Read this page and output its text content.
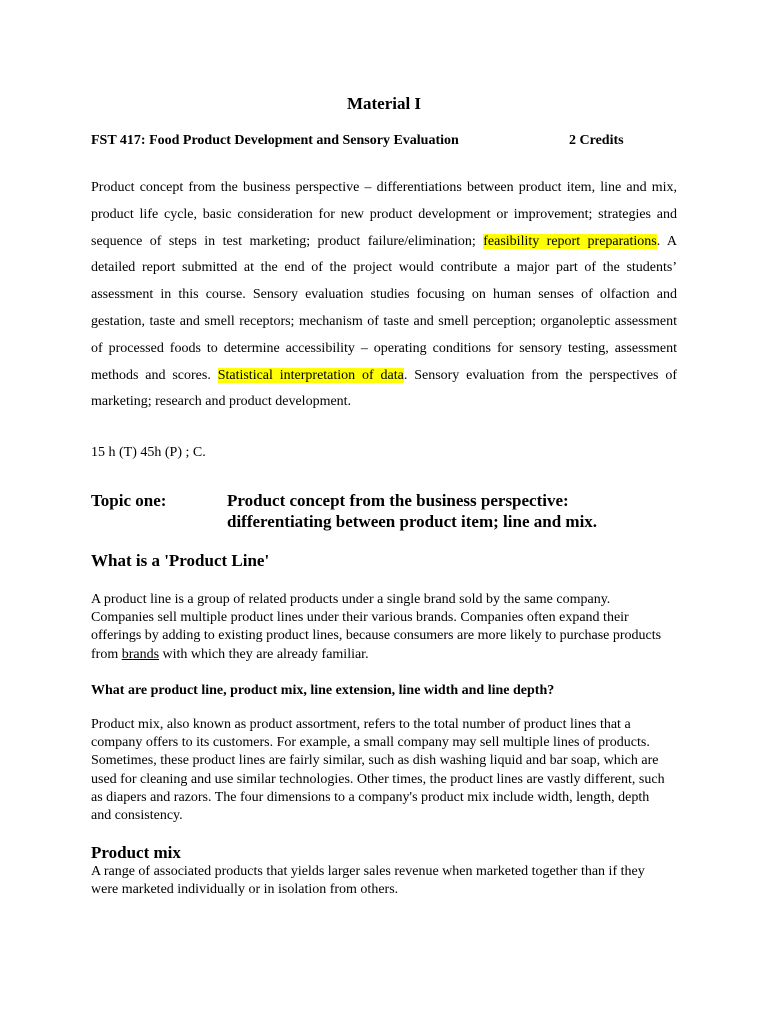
Material I
FST 417: Food Product Development and Sensory Evaluation	2 Credits

Product concept from the business perspective – differentiations between product item, line and mix, product life cycle, basic consideration for new product development or improvement; strategies and sequence of steps in test marketing; product failure/elimination; feasibility report preparations. A detailed report submitted at the end of the project would contribute a major part of the students’ assessment in this course. Sensory evaluation studies focusing on human senses of olfaction and gestation, taste and smell receptors; mechanism of taste and smell perception; organoleptic assessment of processed foods to determine accessibility – operating conditions for sensory testing, assessment methods and scores. Statistical interpretation of data. Sensory evaluation from the perspectives of marketing; research and product development.

15 h (T) 45h (P) ; C.
Topic one:	Product concept from the business perspective:
differentiating between product item; line and mix.
What is a 'Product Line'

A product line is a group of related products under a single brand sold by the same company. Companies sell multiple product lines under their various brands. Companies often expand their offerings by adding to existing product lines, because consumers are more likely to purchase products from brands with which they are already familiar.

What are product line, product mix, line extension, line width and line depth?

Product mix, also known as product assortment, refers to the total number of product lines that a company offers to its customers. For example, a small company may sell multiple lines of products. Sometimes, these product lines are fairly similar, such as dish washing liquid and bar soap, which are used for cleaning and use similar technologies. Other times, the product lines are vastly different, such as diapers and razors. The four dimensions to a company's product mix include width, length, depth and consistency.

Product mix

A range of associated products that yields larger sales revenue when marketed together than if they were marketed individually or in isolation from others.
